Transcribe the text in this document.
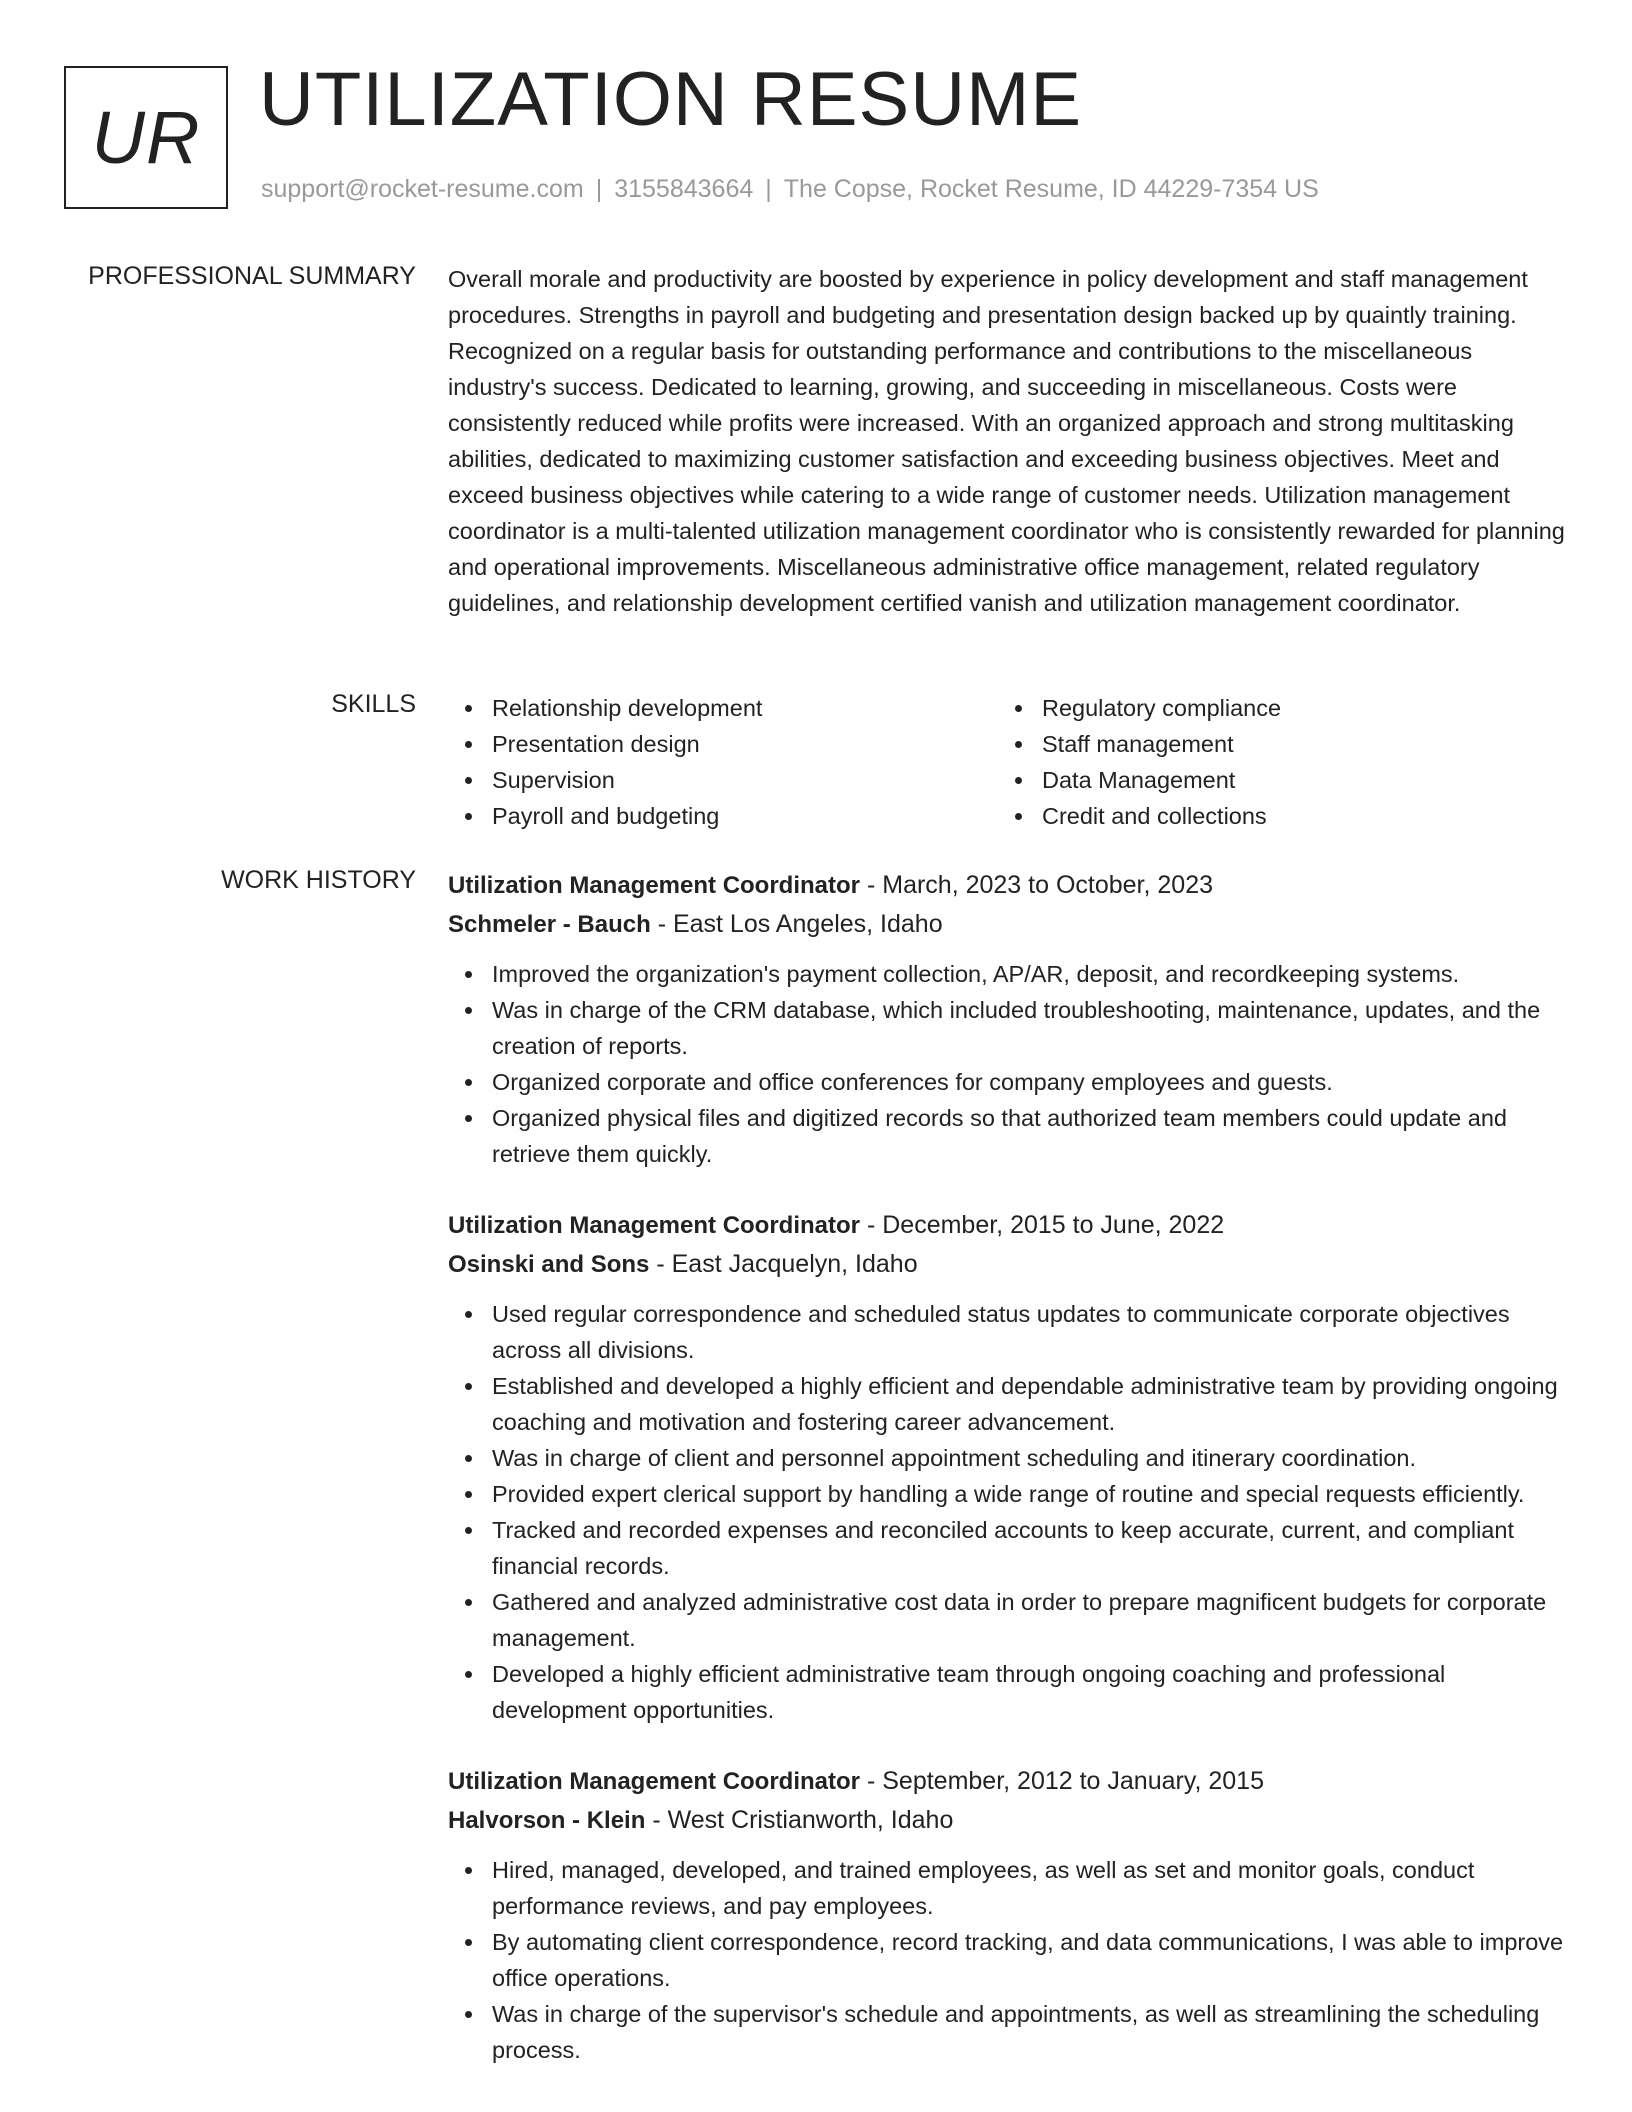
UR UTILIZATION RESUME
support@rocket-resume.com | 3155843664 | The Copse, Rocket Resume, ID 44229-7354 US
PROFESSIONAL SUMMARY Overall morale and productivity are boosted by experience in policy development and staff management procedures. Strengths in payroll and budgeting and presentation design backed up by quaintly training. Recognized on a regular basis for outstanding performance and contributions to the miscellaneous industry's success. Dedicated to learning, growing, and succeeding in miscellaneous. Costs were consistently reduced while profits were increased. With an organized approach and strong multitasking abilities, dedicated to maximizing customer satisfaction and exceeding business objectives. Meet and exceed business objectives while catering to a wide range of customer needs. Utilization management coordinator is a multi-talented utilization management coordinator who is consistently rewarded for planning and operational improvements. Miscellaneous administrative office management, related regulatory guidelines, and relationship development certified vanish and utilization management coordinator.
SKILLS	Relationship development
Presentation design
Supervision
Payroll and budgeting
Regulatory compliance
Staff management
Data Management
Credit and collections
WORK HISTORY Utilization Management Coordinator - March, 2023 to October, 2023
Schmeler - Bauch - East Los Angeles, Idaho
Improved the organization's payment collection, AP/AR, deposit, and recordkeeping systems.
Was in charge of the CRM database, which included troubleshooting, maintenance, updates, and the creation of reports.
Organized corporate and office conferences for company employees and guests.
Organized physical files and digitized records so that authorized team members could update and retrieve them quickly.
Utilization Management Coordinator - December, 2015 to June, 2022
Osinski and Sons - East Jacquelyn, Idaho
Used regular correspondence and scheduled status updates to communicate corporate objectives across all divisions.
Established and developed a highly efficient and dependable administrative team by providing ongoing coaching and motivation and fostering career advancement.
Was in charge of client and personnel appointment scheduling and itinerary coordination.
Provided expert clerical support by handling a wide range of routine and special requests efficiently.
Tracked and recorded expenses and reconciled accounts to keep accurate, current, and compliant financial records.
Gathered and analyzed administrative cost data in order to prepare magnificent budgets for corporate management.
Developed a highly efficient administrative team through ongoing coaching and professional development opportunities.
Utilization Management Coordinator - September, 2012 to January, 2015
Halvorson - Klein - West Cristianworth, Idaho
Hired, managed, developed, and trained employees, as well as set and monitor goals, conduct performance reviews, and pay employees.
By automating client correspondence, record tracking, and data communications, I was able to improve office operations.
Was in charge of the supervisor's schedule and appointments, as well as streamlining the scheduling process.
